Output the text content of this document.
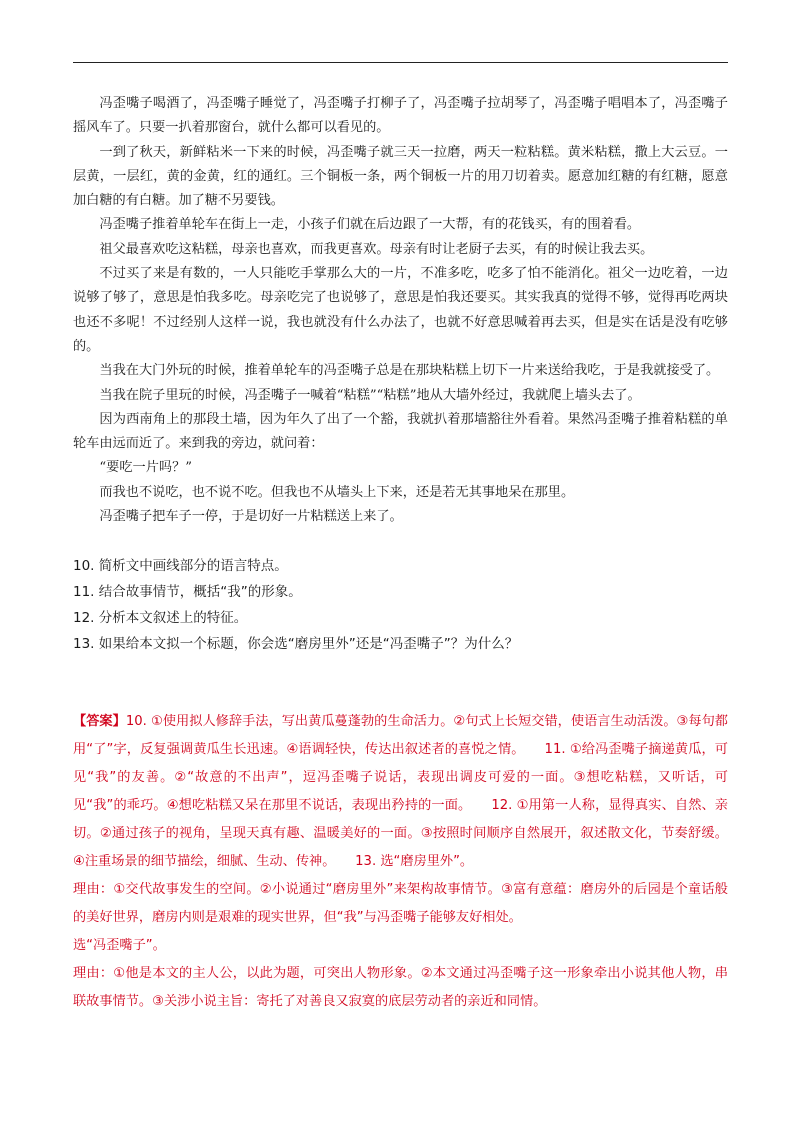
冯歪嘴子喝酒了，冯歪嘴子睡觉了，冯歪嘴子打柳子了，冯歪嘴子拉胡琴了，冯歪嘴子唱唱本了，冯歪嘴子摇风车了。只要一扒着那窗台，就什么都可以看见的。

一到了秋天，新鲜粘米一下来的时候，冯歪嘴子就三天一拉磨，两天一粒粘糕。黄米粘糕，撒上大云豆。一层黄，一层红，黄的金黄，红的通红。三个铜板一条，两个铜板一片的用刀切着卖。愿意加红糖的有红糖，愿意加白糖的有白糖。加了糖不另要钱。

冯歪嘴子推着单轮车在街上一走，小孩子们就在后边跟了一大帮，有的花钱买，有的围着看。

祖父最喜欢吃这粘糕，母亲也喜欢，而我更喜欢。母亲有时让老厨子去买，有的时候让我去买。

不过买了来是有数的，一人只能吃手掌那么大的一片，不准多吃，吃多了怕不能消化。祖父一边吃着，一边说够了够了，意思是怕我多吃。母亲吃完了也说够了，意思是怕我还要买。其实我真的觉得不够，觉得再吃两块也还不多呢！不过经别人这样一说，我也就没有什么办法了，也就不好意思喊着再去买，但是实在话是没有吃够的。

当我在大门外玩的时候，推着单轮车的冯歪嘴子总是在那块粘糕上切下一片来送给我吃，于是我就接受了。

当我在院子里玩的时候，冯歪嘴子一喊着“粘糕”“粘糕”地从大墙外经过，我就爬上墙头去了。

因为西南角上的那段土墙，因为年久了出了一个豁，我就扒着那墙豁往外看着。果然冯歪嘴子推着粘糕的单轮车由远而近了。来到我的旁边，就问着：

“要吃一片吗？”

而我也不说吃，也不说不吃。但我也不从墙头上下来，还是若无其事地呆在那里。

冯歪嘴子把车子一停，于是切好一片粘糕送上来了。

10. 简析文中画线部分的语言特点。

11. 结合故事情节，概括“我”的形象。

12. 分析本文叙述上的特征。

13. 如果给本文拟一个标题，你会选“磨房里外”还是“冯歪嘴子”？为什么？

【答案】10. ①使用拟人修辞手法，写出黄瓜蔓蓬勃的生命活力。②句式上长短交错，使语言生动活泼。③每句都用“了”字，反复强调黄瓜生长迅速。④语调轻快，传达出叙述者的喜悦之情。　　11. ①给冯歪嘴子摘递黄瓜，可见“我”的友善。②“故意的不出声”，逗冯歪嘴子说话，表现出调皮可爱的一面。③想吃粘糕，又听话，可见“我”的乖巧。④想吃粘糕又呆在那里不说话，表现出矜持的一面。　　12. ①用第一人称，显得真实、自然、亲切。②通过孩子的视角，呈现天真有趣、温暖美好的一面。③按照时间顺序自然展开，叙述散文化，节奏舒缓。④注重场景的细节描绘，细腻、生动、传神。　　13. 选“磨房里外”。

理由：①交代故事发生的空间。②小说通过“磨房里外”来架构故事情节。③富有意蕴：磨房外的后园是个童话般的美好世界，磨房内则是艰难的现实世界，但“我”与冯歪嘴子能够友好相处。

选“冯歪嘴子”。

理由：①他是本文的主人公，以此为题，可突出人物形象。②本文通过冯歪嘴子这一形象牵出小说其他人物，串联故事情节。③关涉小说主旨：寄托了对善良又寂寞的底层劳动者的亲近和同情。
